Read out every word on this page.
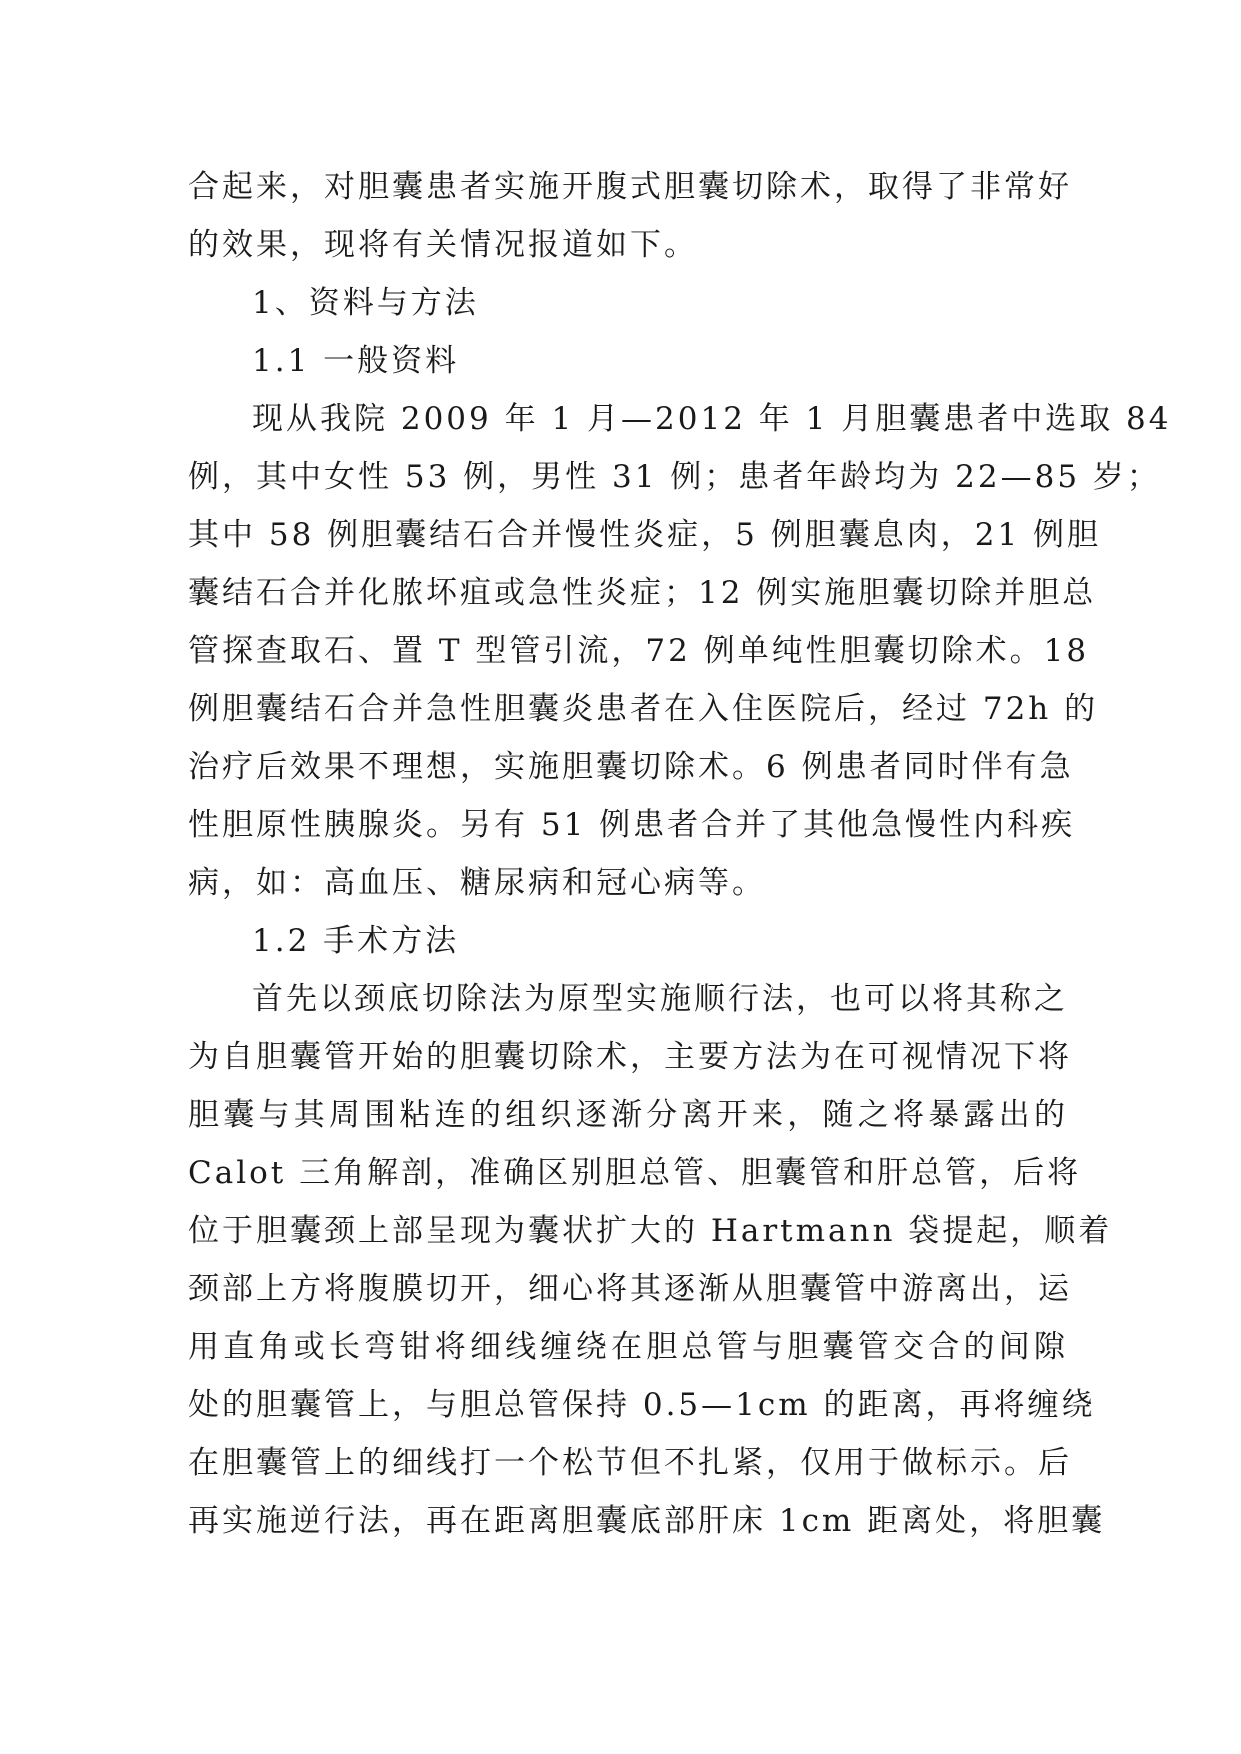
合起来，对胆囊患者实施开腹式胆囊切除术，取得了非常好
的效果，现将有关情况报道如下。
1、资料与方法
1.1 一般资料
现从我院 2009 年 1 月—2012 年 1 月胆囊患者中选取 84
例，其中女性 53 例，男性 31 例；患者年龄均为 22—85 岁；
其中 58 例胆囊结石合并慢性炎症，5 例胆囊息肉，21 例胆
囊结石合并化脓坏疽或急性炎症；12 例实施胆囊切除并胆总
管探查取石、置 T 型管引流，72 例单纯性胆囊切除术。18
例胆囊结石合并急性胆囊炎患者在入住医院后，经过 72h 的
治疗后效果不理想，实施胆囊切除术。6 例患者同时伴有急
性胆原性胰腺炎。另有 51 例患者合并了其他急慢性内科疾
病，如：高血压、糖尿病和冠心病等。
1.2 手术方法
首先以颈底切除法为原型实施顺行法，也可以将其称之
为自胆囊管开始的胆囊切除术，主要方法为在可视情况下将
胆囊与其周围粘连的组织逐渐分离开来，随之将暴露出的
Calot 三角解剖，准确区别胆总管、胆囊管和肝总管，后将
位于胆囊颈上部呈现为囊状扩大的 Hartmann 袋提起，顺着
颈部上方将腹膜切开，细心将其逐渐从胆囊管中游离出，运
用直角或长弯钳将细线缠绕在胆总管与胆囊管交合的间隙
处的胆囊管上，与胆总管保持 0.5—1cm 的距离，再将缠绕
在胆囊管上的细线打一个松节但不扎紧，仅用于做标示。后
再实施逆行法，再在距离胆囊底部肝床 1cm 距离处，将胆囊
